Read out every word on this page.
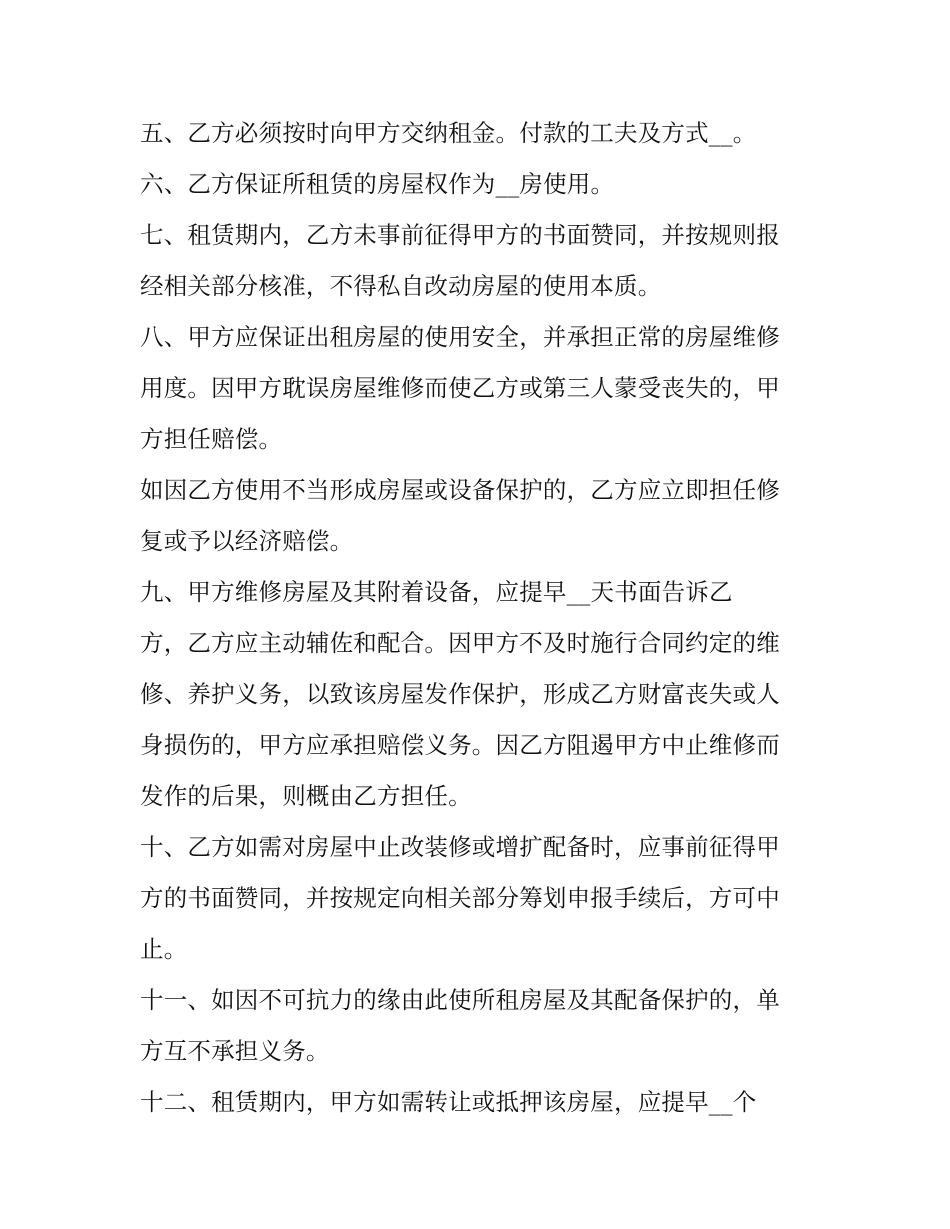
五、乙方必须按时向甲方交纳租金。付款的工夫及方式__。
六、乙方保证所租赁的房屋权作为__房使用。
七、租赁期内，乙方未事前征得甲方的书面赞同，并按规则报
经相关部分核准，不得私自改动房屋的使用本质。
八、甲方应保证出租房屋的使用安全，并承担正常的房屋维修
用度。因甲方耽误房屋维修而使乙方或第三人蒙受丧失的，甲
方担任赔偿。
如因乙方使用不当形成房屋或设备保护的，乙方应立即担任修
复或予以经济赔偿。
九、甲方维修房屋及其附着设备，应提早__天书面告诉乙
方，乙方应主动辅佐和配合。因甲方不及时施行合同约定的维
修、养护义务，以致该房屋发作保护，形成乙方财富丧失或人
身损伤的，甲方应承担赔偿义务。因乙方阻遏甲方中止维修而
发作的后果，则概由乙方担任。
十、乙方如需对房屋中止改装修或增扩配备时，应事前征得甲
方的书面赞同，并按规定向相关部分筹划申报手续后，方可中
止。
十一、如因不可抗力的缘由此使所租房屋及其配备保护的，单
方互不承担义务。
十二、租赁期内，甲方如需转让或抵押该房屋，应提早__个
